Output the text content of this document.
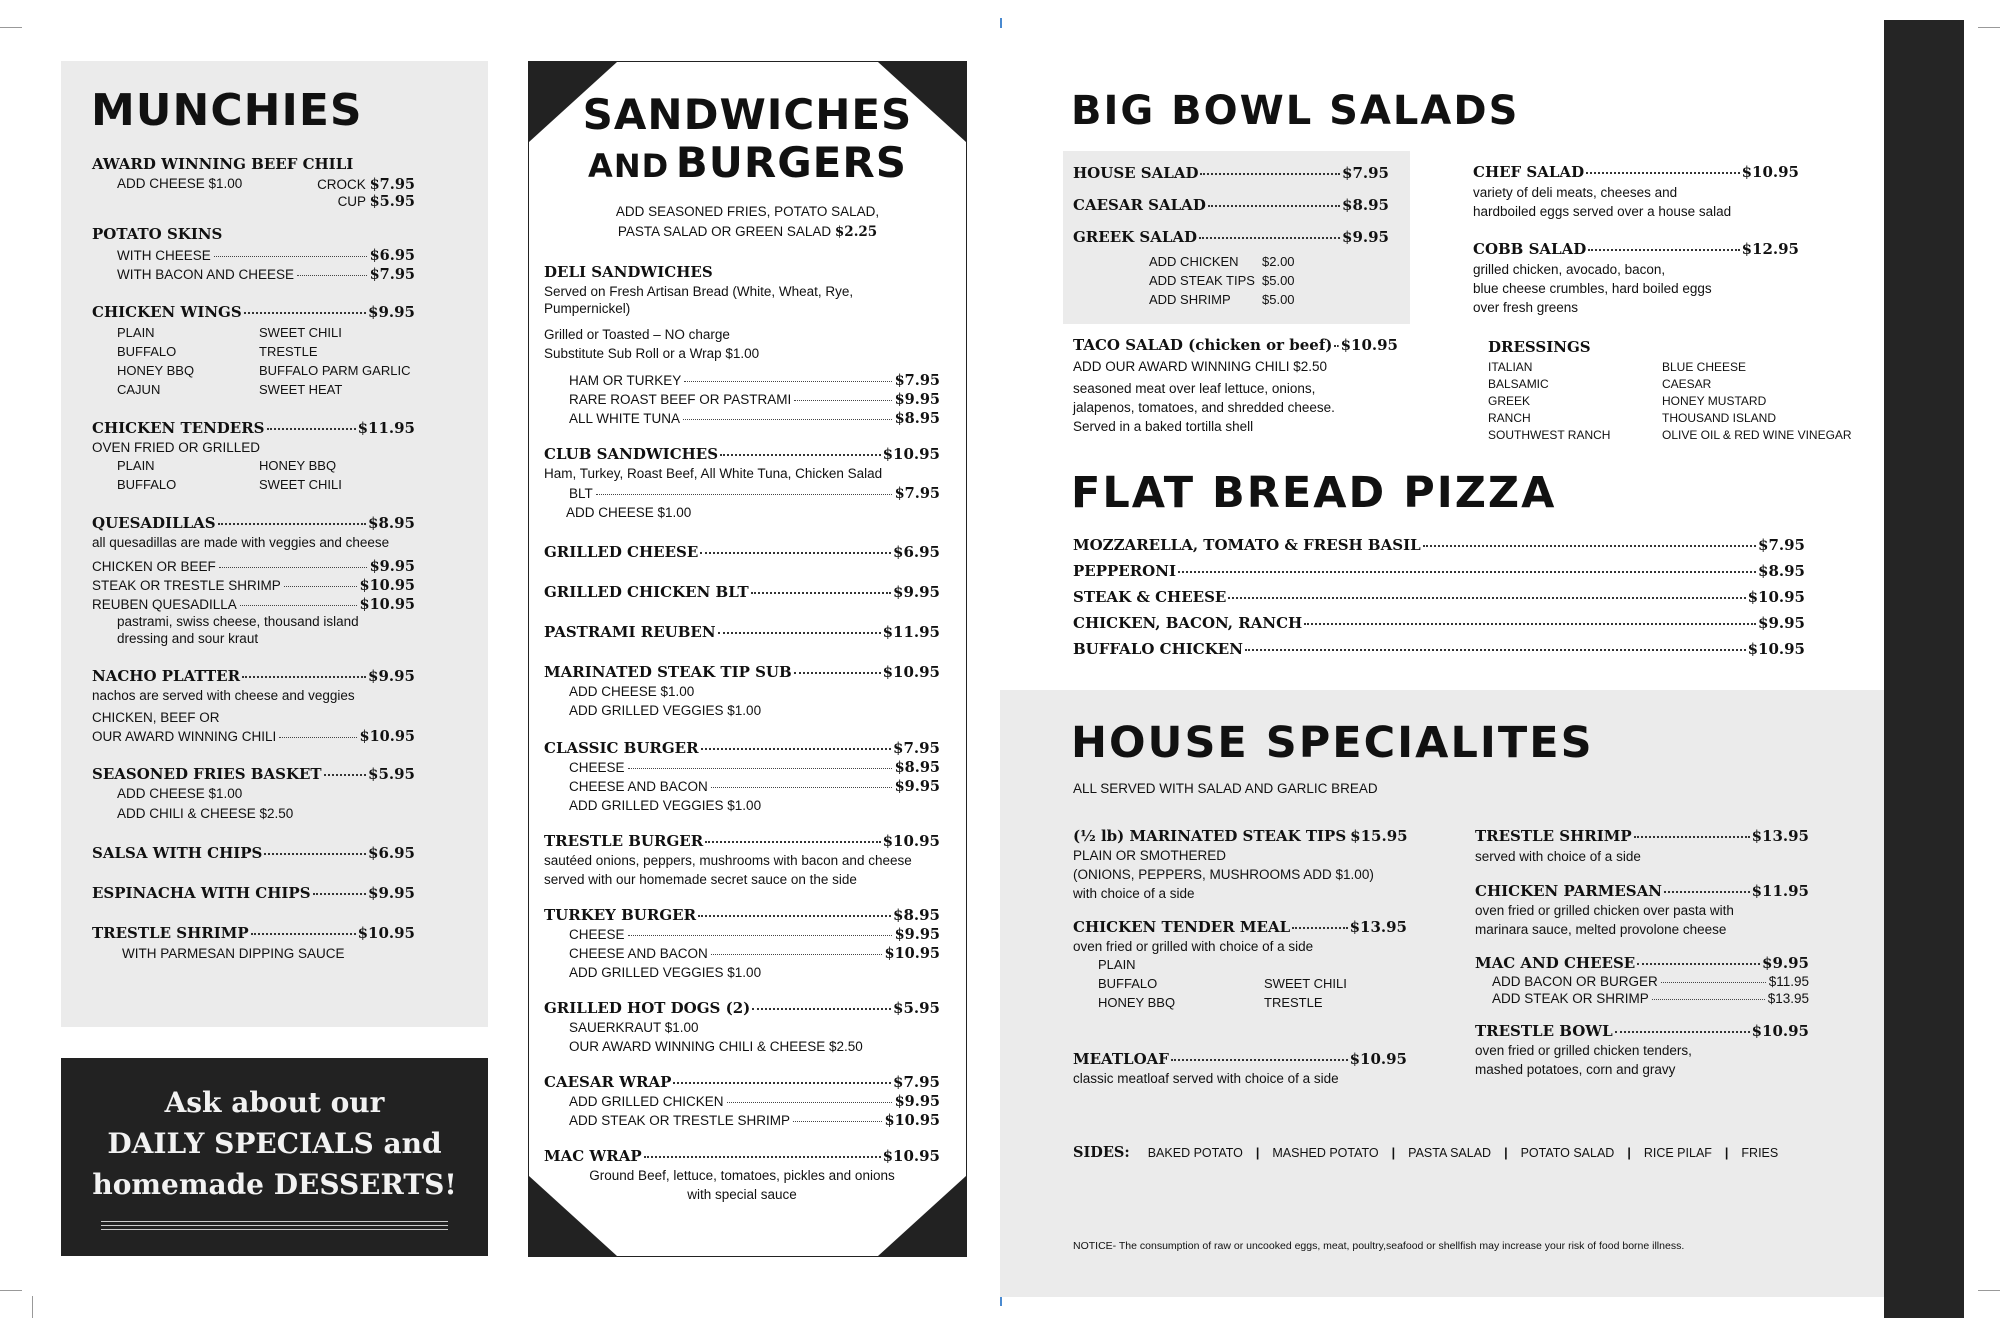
MUNCHIES
AWARD WINNING BEEF CHILI
ADD CHEESE $1.00	CROCK $7.95
CUP $5.95
POTATO SKINS
WITH CHEESE	$6.95
WITH BACON AND CHEESE	$7.95
CHICKEN WINGS	$9.95
PLAIN	SWEET CHILI
BUFFALO	TRESTLE
HONEY BBQ	BUFFALO PARM GARLIC
CAJUN	SWEET HEAT
CHICKEN TENDERS	$11.95
OVEN FRIED OR GRILLED
PLAIN	HONEY BBQ
BUFFALO	SWEET CHILI
QUESADILLAS	$8.95
all quesadillas are made with veggies and cheese
CHICKEN OR BEEF	$9.95
STEAK OR TRESTLE SHRIMP	$10.95
REUBEN QUESADILLA	$10.95
pastrami, swiss cheese, thousand island
dressing and sour kraut
NACHO PLATTER	$9.95
nachos are served with cheese and veggies
CHICKEN, BEEF OR
OUR AWARD WINNING CHILI	$10.95
SEASONED FRIES BASKET	$5.95
ADD CHEESE $1.00
ADD CHILI & CHEESE $2.50
SALSA WITH CHIPS	$6.95
ESPINACHA WITH CHIPS	$9.95
TRESTLE SHRIMP	$10.95
WITH PARMESAN DIPPING SAUCE
Ask about our
DAILY SPECIALS and
homemade DESSERTS!
SANDWICHES
AND BURGERS
ADD SEASONED FRIES, POTATO SALAD,
PASTA SALAD OR GREEN SALAD $2.25
DELI SANDWICHES
Served on Fresh Artisan Bread (White, Wheat, Rye, Pumpernickel)
Grilled or Toasted – NO charge
Substitute Sub Roll or a Wrap $1.00
HAM OR TURKEY	$7.95
RARE ROAST BEEF OR PASTRAMI	$9.95
ALL WHITE TUNA	$8.95
CLUB SANDWICHES	$10.95
Ham, Turkey, Roast Beef, All White Tuna, Chicken Salad
BLT	$7.95
ADD CHEESE $1.00
GRILLED CHEESE	$6.95
GRILLED CHICKEN BLT	$9.95
PASTRAMI REUBEN	$11.95
MARINATED STEAK TIP SUB	$10.95
ADD CHEESE $1.00
ADD GRILLED VEGGIES $1.00
CLASSIC BURGER	$7.95
CHEESE	$8.95
CHEESE AND BACON	$9.95
ADD GRILLED VEGGIES $1.00
TRESTLE BURGER	$10.95
sautéed onions, peppers, mushrooms with bacon and cheese
served with our homemade secret sauce on the side
TURKEY BURGER	$8.95
CHEESE	$9.95
CHEESE AND BACON	$10.95
ADD GRILLED VEGGIES $1.00
GRILLED HOT DOGS (2)	$5.95
SAUERKRAUT $1.00
OUR AWARD WINNING CHILI & CHEESE $2.50
CAESAR WRAP	$7.95
ADD GRILLED CHICKEN	$9.95
ADD STEAK OR TRESTLE SHRIMP	$10.95
MAC WRAP	$10.95
Ground Beef, lettuce, tomatoes, pickles and onions
with special sauce
BIG BOWL SALADS
HOUSE SALAD	$7.95
CAESAR SALAD	$8.95
GREEK SALAD	$9.95
ADD CHICKEN	$2.00
ADD STEAK TIPS $5.00
ADD SHRIMP	$5.00
TACO SALAD (chicken or beef) $10.95
ADD OUR AWARD WINNING CHILI $2.50
seasoned meat over leaf lettuce, onions,
jalapenos, tomatoes, and shredded cheese.
Served in a baked tortilla shell
CHEF SALAD	$10.95
variety of deli meats, cheeses and
hardboiled eggs served over a house salad
COBB SALAD	$12.95
grilled chicken, avocado, bacon,
blue cheese crumbles, hard boiled eggs
over fresh greens
DRESSINGS
ITALIAN	BLUE CHEESE
BALSAMIC	CAESAR
GREEK	HONEY MUSTARD
RANCH	THOUSAND ISLAND
SOUTHWEST RANCH	OLIVE OIL & RED WINE VINEGAR
FLAT BREAD PIZZA
MOZZARELLA, TOMATO & FRESH BASIL	$7.95
PEPPERONI	$8.95
STEAK & CHEESE	$10.95
CHICKEN, BACON, RANCH	$9.95
BUFFALO CHICKEN	$10.95
HOUSE SPECIALITES
ALL SERVED WITH SALAD AND GARLIC BREAD
(½ lb) MARINATED STEAK TIPS $15.95
PLAIN OR SMOTHERED
(ONIONS, PEPPERS, MUSHROOMS ADD $1.00)
with choice of a side
CHICKEN TENDER MEAL	$13.95
oven fried or grilled with choice of a side
PLAIN
BUFFALO	SWEET CHILI
HONEY BBQ	TRESTLE
MEATLOAF	$10.95
classic meatloaf served with choice of a side
TRESTLE SHRIMP	$13.95
served with choice of a side
CHICKEN PARMESAN	$11.95
oven fried or grilled chicken over pasta with
marinara sauce, melted provolone cheese
MAC AND CHEESE	$9.95
ADD BACON OR BURGER	$11.95
ADD STEAK OR SHRIMP	$13.95
TRESTLE BOWL	$10.95
oven fried or grilled chicken tenders,
mashed potatoes, corn and gravy
SIDES: BAKED POTATO | MASHED POTATO | PASTA SALAD | POTATO SALAD | RICE PILAF | FRIES
NOTICE- The consumption of raw or uncooked eggs, meat, poultry,seafood or shellfish may increase your risk of food borne illness.
